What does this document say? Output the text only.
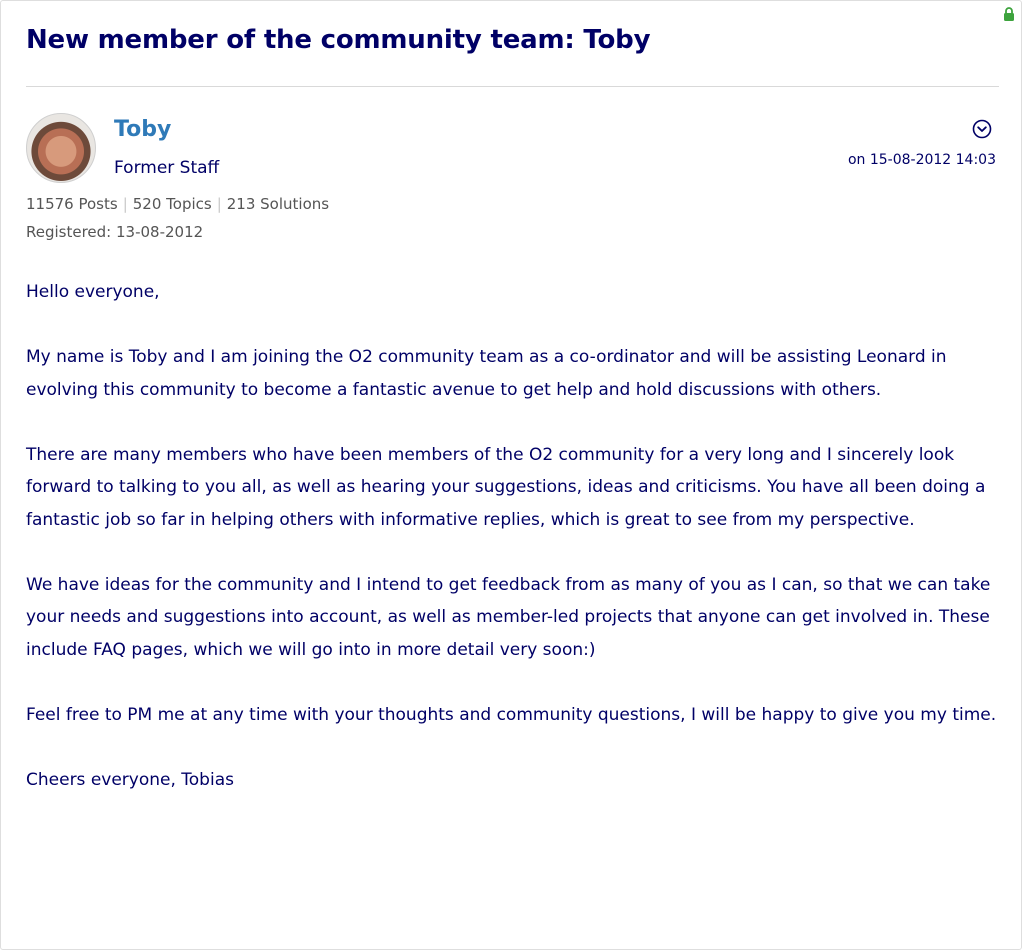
New member of the community team: Toby
Toby
Former Staff	on 15-08-2012 14:03
11576 Posts | 520 Topics | 213 Solutions
Registered: 13-08-2012

Hello everyone,

My name is Toby and I am joining the O2 community team as a co-ordinator and will be assisting Leonard in evolving this community to become a fantastic avenue to get help and hold discussions with others.

There are many members who have been members of the O2 community for a very long and I sincerely look forward to talking to you all, as well as hearing your suggestions, ideas and criticisms. You have all been doing a fantastic job so far in helping others with informative replies, which is great to see from my perspective.

We have ideas for the community and I intend to get feedback from as many of you as I can, so that we can take your needs and suggestions into account, as well as member-led projects that anyone can get involved in. These include FAQ pages, which we will go into in more detail very soon:)

Feel free to PM me at any time with your thoughts and community questions, I will be happy to give you my time.

Cheers everyone, Tobias
